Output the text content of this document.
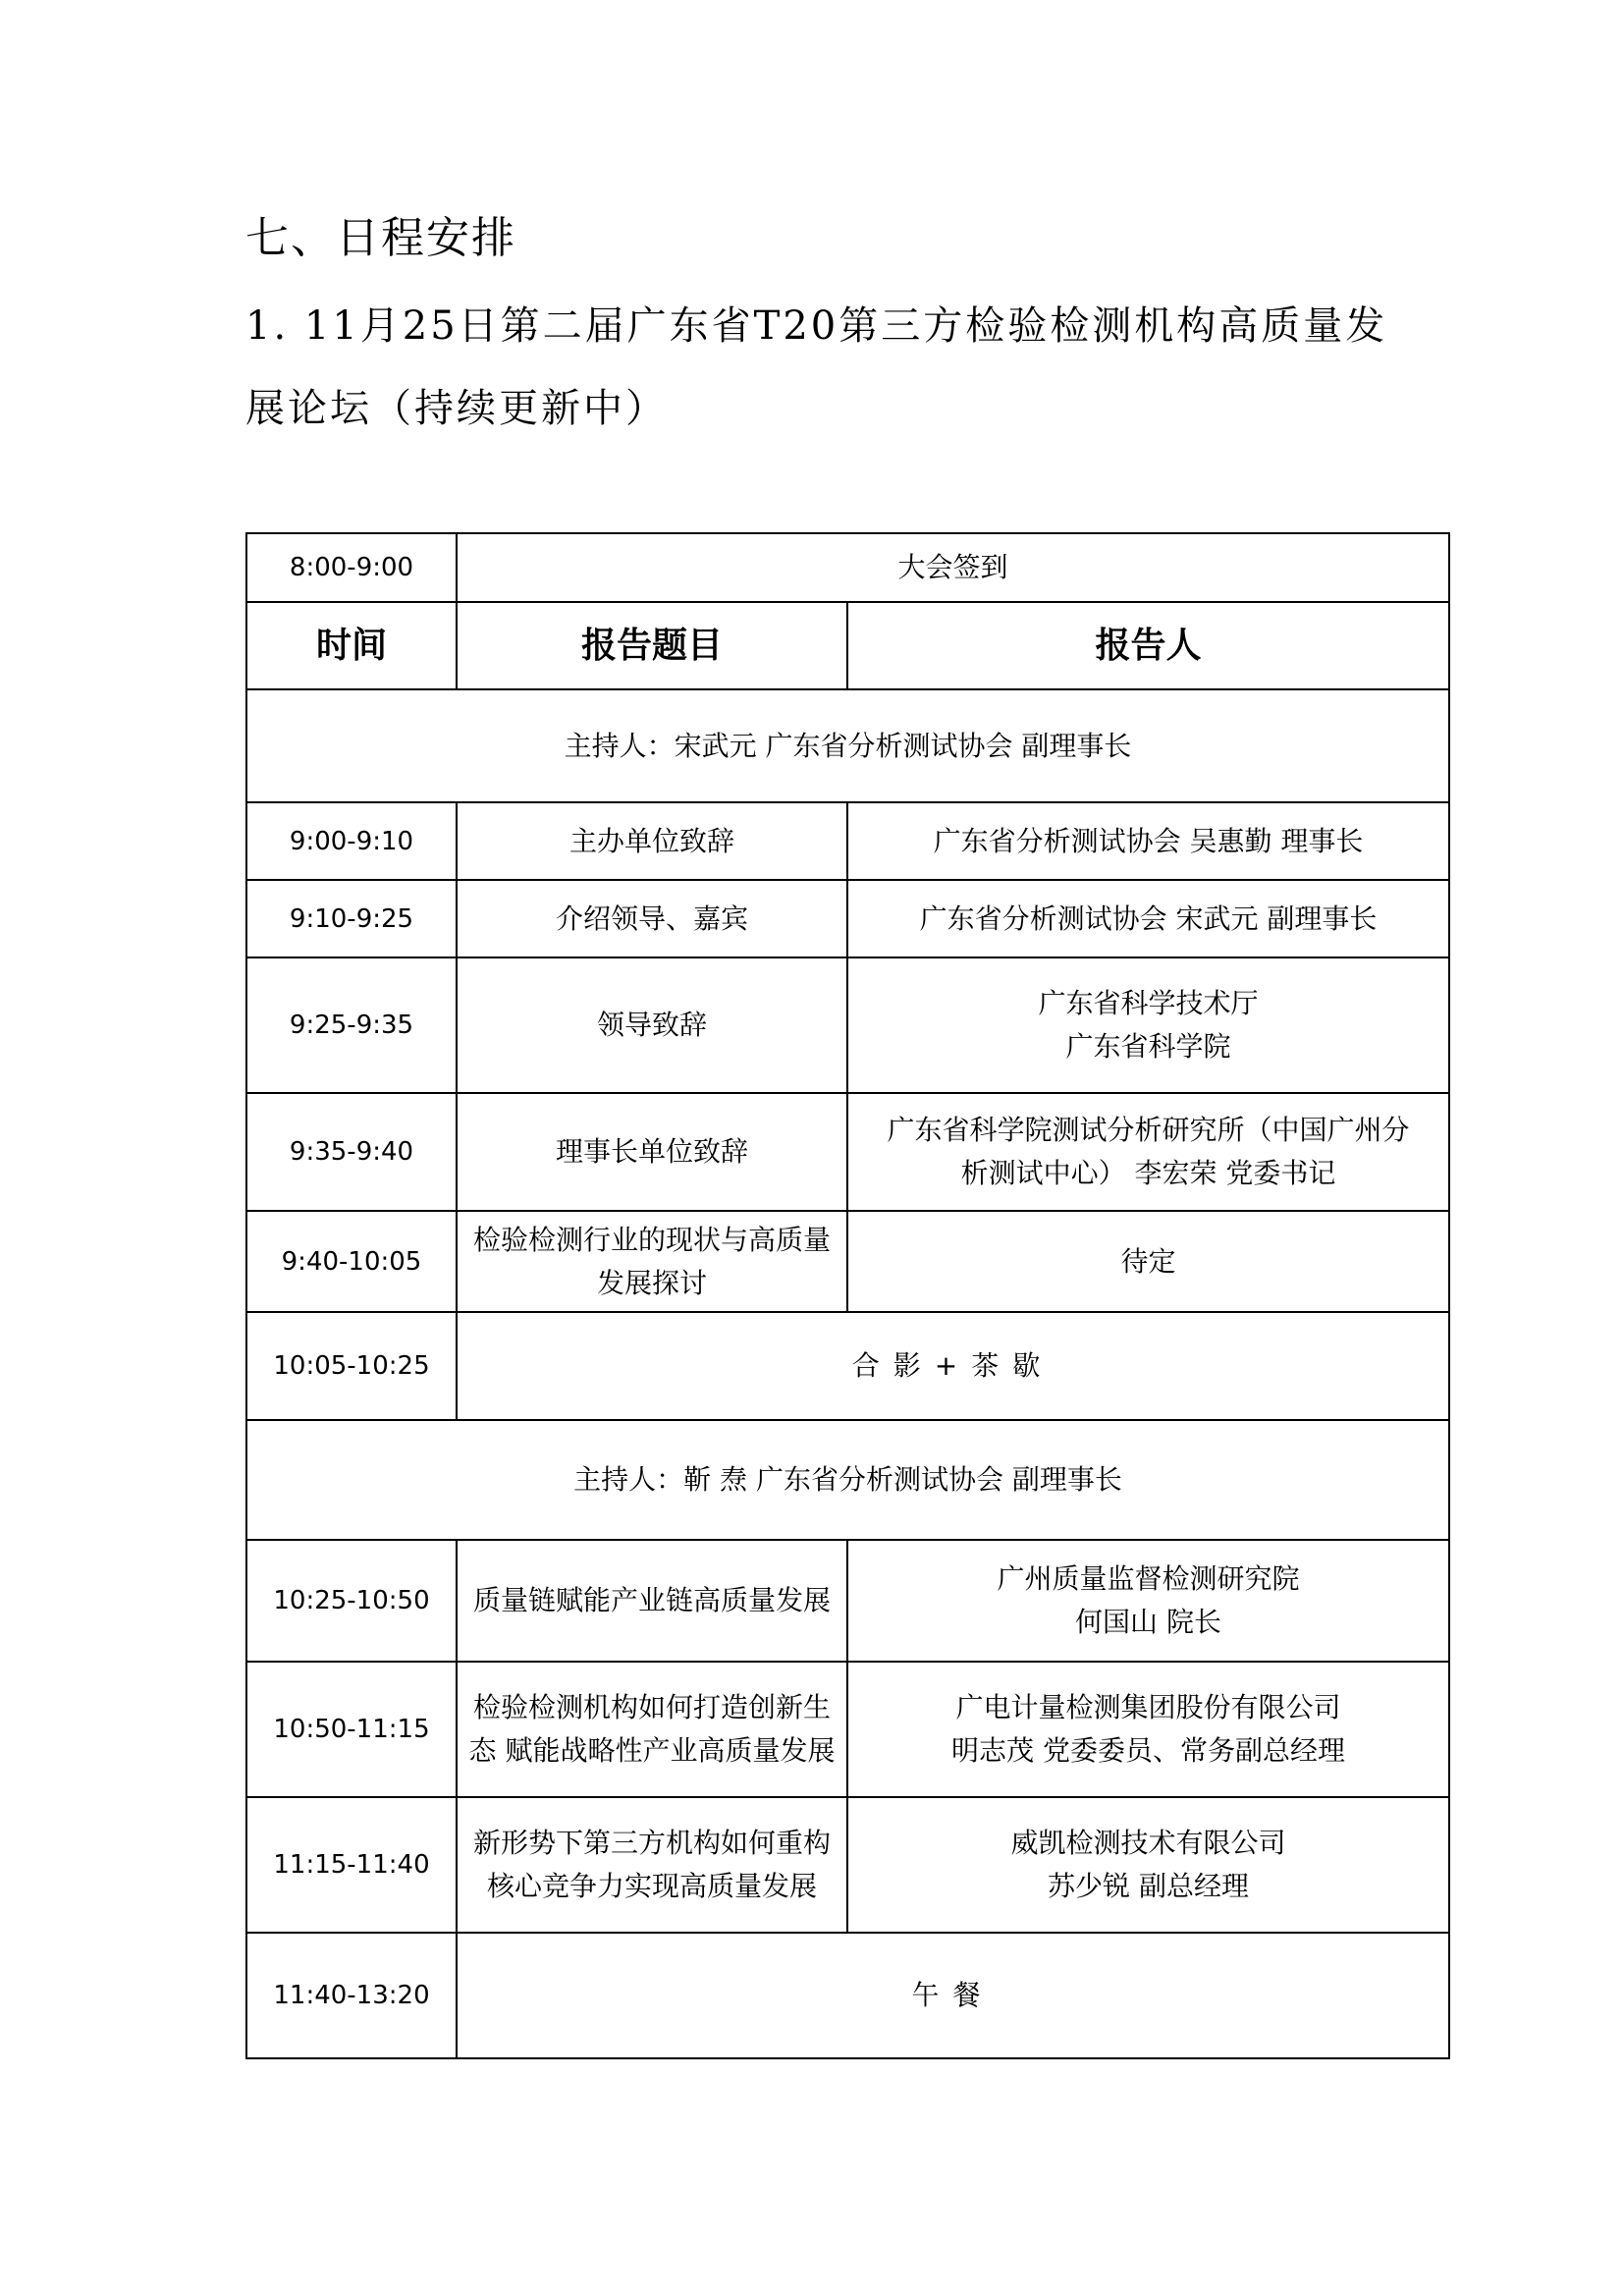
七、日程安排
1. 11月25日第二届广东省T20第三方检验检测机构高质量发展论坛（持续更新中）
8:00-9:00	大会签到	
时间	报告题目	报告人
主持人：宋武元 广东省分析测试协会 副理事长		
9:00-9:10	主办单位致辞	广东省分析测试协会 吴惠勤 理事长

9:10-9:25	介绍领导、嘉宾	广东省分析测试协会 宋武元 副理事长

9:25-9:35	领导致辞	广东省科学技术厅
广东省科学院

9:35-9:40	理事长单位致辞	广东省科学院测试分析研究所（中国广州分
析测试中心） 李宏荣 党委书记

9:40-10:05	检验检测行业的现状与高质量发展探讨	待定

10:05-10:25	合影+茶歇	
主持人：靳 焘 广东省分析测试协会 副理事长		
10:25-10:50	质量链赋能产业链高质量发展	广州质量监督检测研究院
何国山 院长

10:50-11:15	检验检测机构如何打造创新生态 赋能战略性产业高质量发展	广电计量检测集团股份有限公司
明志茂 党委委员、常务副总经理

11:15-11:40	新形势下第三方机构如何重构核心竞争力实现高质量发展	威凯检测技术有限公司
苏少锐 副总经理

11:40-13:20	午餐	
